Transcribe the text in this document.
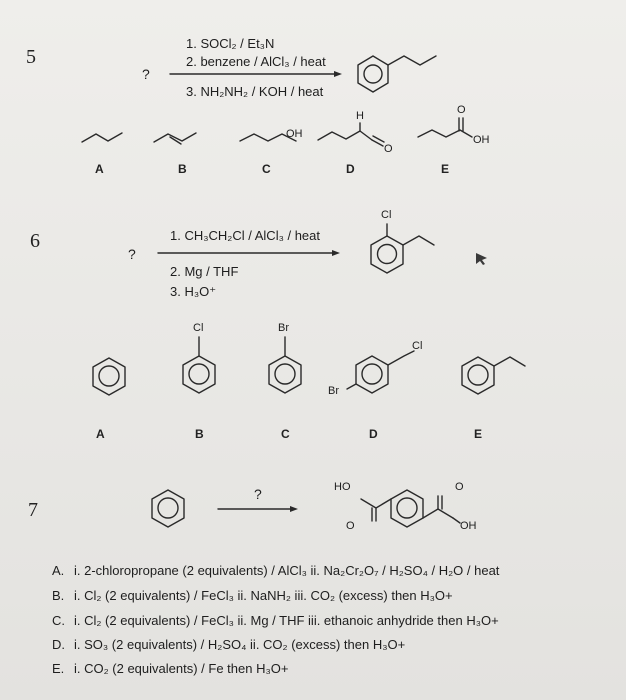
5
?
1. SOCl₂ / Et₃N
2. benzene / AlCl₃ / heat
3. NH₂NH₂ / KOH / heat
OH
H
O
O
OH
A	B	C	D	E
6
?
1. CH₃CH₂Cl / AlCl₃ / heat
2. Mg / THF
3. H₃O⁺
Cl
Cl	Br
Cl
Br
A	B	C	D	E
7
?	HO
O
O
OH
A. i. 2-chloropropane (2 equivalents) / AlCl₃ ii. Na₂Cr₂O₇ / H₂SO₄ / H₂O / heat
B. i. Cl₂ (2 equivalents) / FeCl₃ ii. NaNH₂ iii. CO₂ (excess) then H₃O+
C. i. Cl₂ (2 equivalents) / FeCl₃ ii. Mg / THF iii. ethanoic anhydride then H₃O+
D. i. SO₃ (2 equivalents) / H₂SO₄ ii. CO₂ (excess) then H₃O+
E. i. CO₂ (2 equivalents) / Fe then H₃O+
